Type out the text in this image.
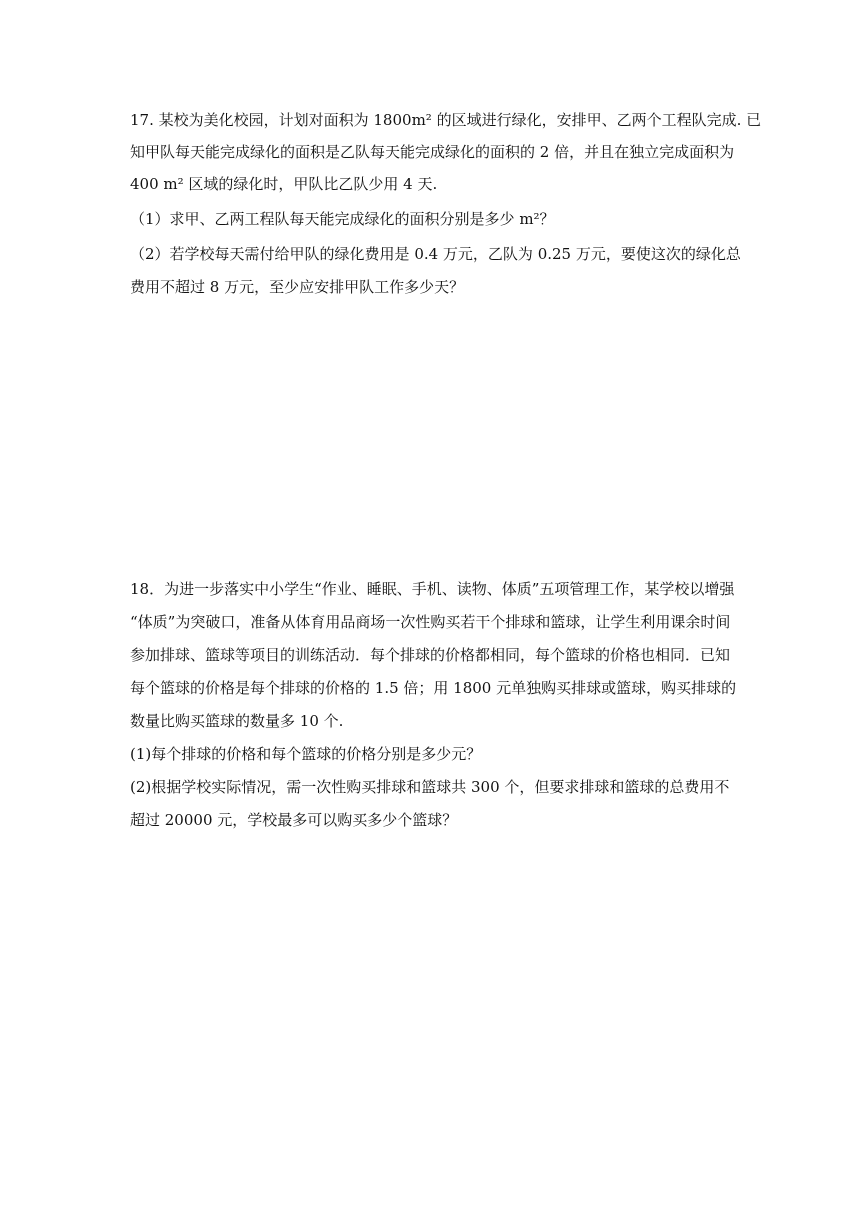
17. 某校为美化校园，计划对面积为 1800m² 的区域进行绿化，安排甲、乙两个工程队完成. 已
知甲队每天能完成绿化的面积是乙队每天能完成绿化的面积的 2 倍，并且在独立完成面积为
400 m² 区域的绿化时，甲队比乙队少用 4 天.
（1）求甲、乙两工程队每天能完成绿化的面积分别是多少 m²？
（2）若学校每天需付给甲队的绿化费用是 0.4 万元，乙队为 0.25 万元，要使这次的绿化总
费用不超过 8 万元，至少应安排甲队工作多少天？
18．为进一步落实中小学生“作业、睡眠、手机、读物、体质”五项管理工作，某学校以增强
“体质”为突破口，准备从体育用品商场一次性购买若干个排球和篮球，让学生利用课余时间
参加排球、篮球等项目的训练活动．每个排球的价格都相同，每个篮球的价格也相同．已知
每个篮球的价格是每个排球的价格的 1.5 倍；用 1800 元单独购买排球或篮球，购买排球的
数量比购买篮球的数量多 10 个.
(1)每个排球的价格和每个篮球的价格分别是多少元？
(2)根据学校实际情况，需一次性购买排球和篮球共 300 个，但要求排球和篮球的总费用不
超过 20000 元，学校最多可以购买多少个篮球？
